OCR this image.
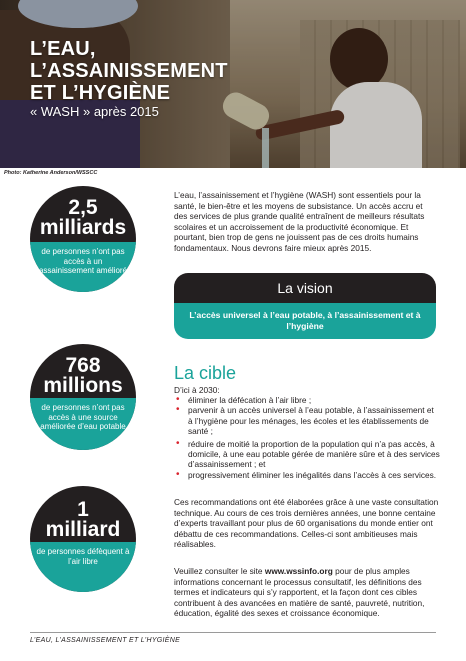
L’EAU, L’ASSAINISSEMENT
ET L’HYGIÈNE
« WASH » après 2015
Photo: Katherine Anderson/WSSCC
2,5
milliards
de personnes n’ont pas accès à un assainissement amélioré
768
millions
de personnes n’ont pas accès à une source améliorée d’eau potable
1
milliard
de personnes défèquent à l’air libre

L’eau, l’assainissement et l’hygiène (WASH) sont essentiels pour la santé, le bien-être et les moyens de subsistance. Un accès accru et des services de plus grande qualité entraînent de meilleurs résultats scolaires et un accroissement de la productivité économique. Et pourtant, bien trop de gens ne jouissent pas de ces droits humains fondamentaux. Nous devrons faire mieux après 2015.

La vision
L’accès universel à l’eau potable, à l’assainissement et à l’hygiène
La cible
D’ici à 2030:
• éliminer la défécation à l’air libre ;
• parvenir à un accès universel à l’eau potable, à l’assainissement et à l’hygiène pour les ménages, les écoles et les établissements de santé ;
• réduire de moitié la proportion de la population qui n’a pas accès, à domicile, à une eau potable gérée de manière sûre et à des services d’assainissement ; et
• progressivement éliminer les inégalités dans l’accès à ces services.

Ces recommandations ont été élaborées grâce à une vaste consultation technique. Au cours de ces trois dernières années, une bonne centaine d’experts travaillant pour plus de 60 organisations du monde entier ont débattu de ces recommandations. Celles-ci sont ambitieuses mais réalisables.

Veuillez consulter le site www.wssinfo.org pour de plus amples informations concernant le processus consultatif, les définitions des termes et indicateurs qui s’y rapportent, et la façon dont ces cibles contribuent à des avancées en matière de santé, pauvreté, nutrition, éducation, égalité des sexes et croissance économique.

L’EAU, L’ASSAINISSEMENT ET L’HYGIÈNE
